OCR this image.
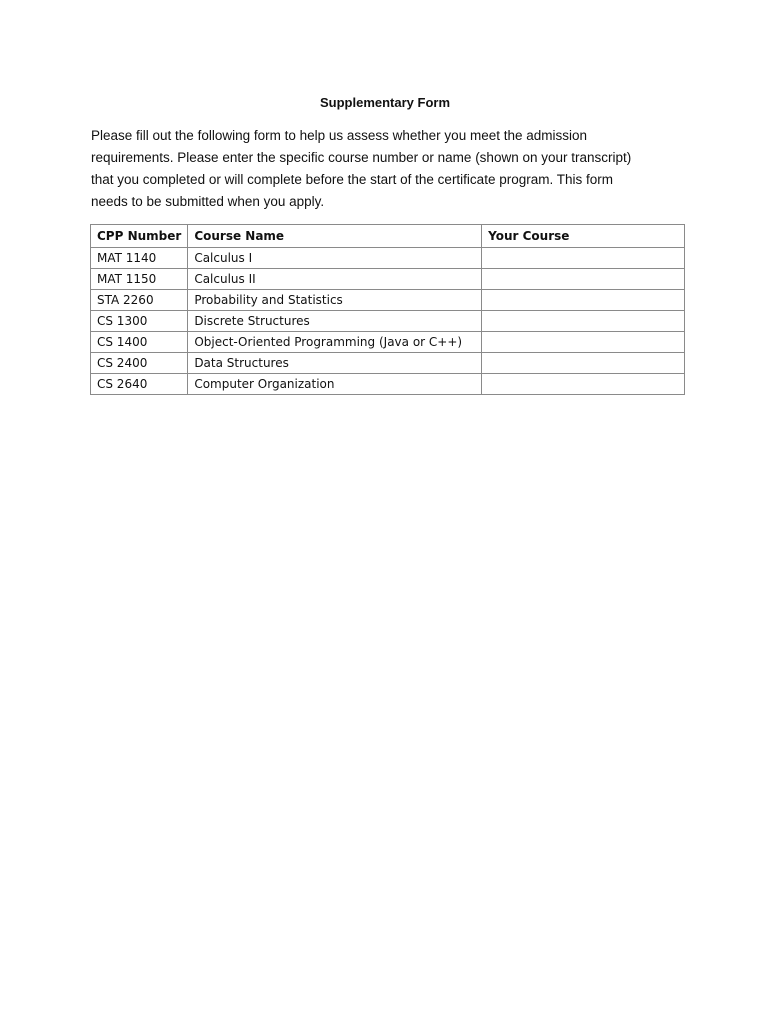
Supplementary Form

Please fill out the following form to help us assess whether you meet the admission
requirements. Please enter the specific course number or name (shown on your transcript)
that you completed or will complete before the start of the certificate program. This form
needs to be submitted when you apply.

CPP Number	Course Name	Your Course
MAT 1140	Calculus I	
MAT 1150	Calculus II	
STA 2260	Probability and Statistics	
CS 1300	Discrete Structures	
CS 1400	Object-Oriented Programming (Java or C++)	
CS 2400	Data Structures	
CS 2640	Computer Organization	
